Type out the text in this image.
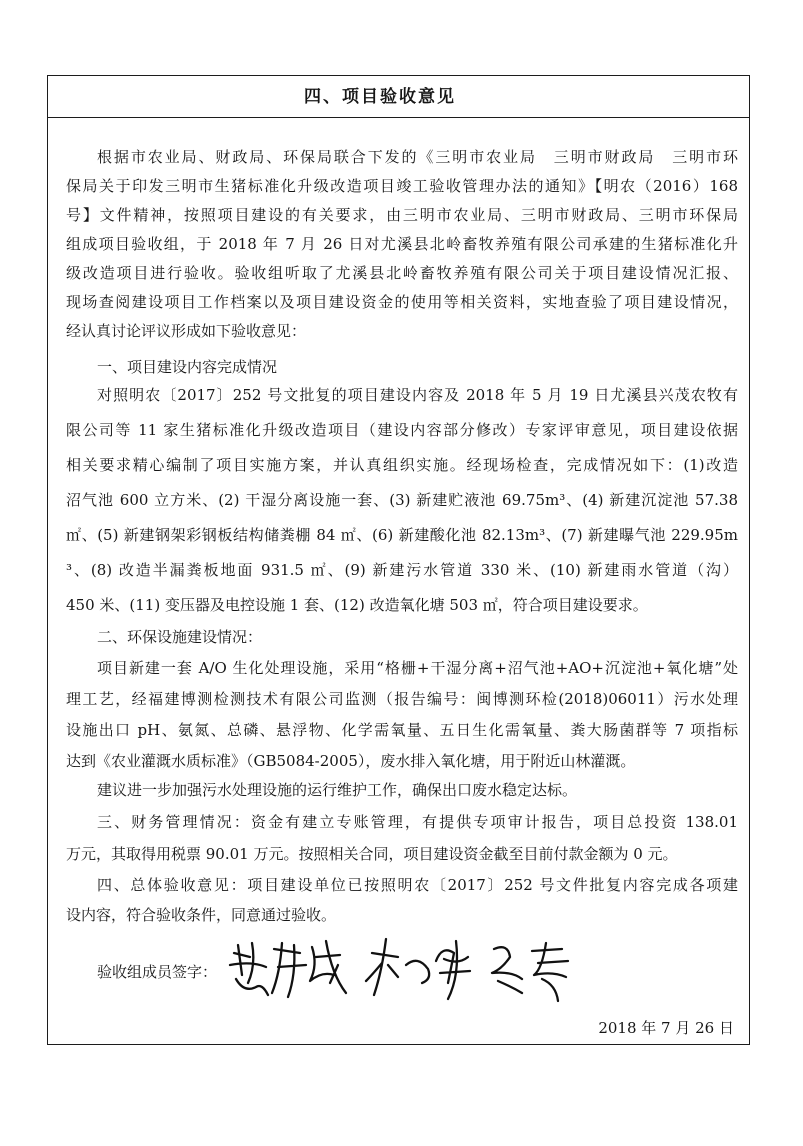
四、项目验收意见
根据市农业局、财政局、环保局联合下发的《三明市农业局　三明市财政局　三明市环
保局关于印发三明市生猪标准化升级改造项目竣工验收管理办法的通知》【明农（2016）168
号】文件精神，按照项目建设的有关要求，由三明市农业局、三明市财政局、三明市环保局
组成项目验收组，于 2018 年 7 月 26 日对尤溪县北岭畜牧养殖有限公司承建的生猪标准化升
级改造项目进行验收。验收组听取了尤溪县北岭畜牧养殖有限公司关于项目建设情况汇报、
现场查阅建设项目工作档案以及项目建设资金的使用等相关资料，实地查验了项目建设情况，
经认真讨论评议形成如下验收意见：
一、项目建设内容完成情况
对照明农〔2017〕252 号文批复的项目建设内容及 2018 年 5 月 19 日尤溪县兴茂农牧有
限公司等 11 家生猪标准化升级改造项目（建设内容部分修改）专家评审意见，项目建设依据
相关要求精心编制了项目实施方案，并认真组织实施。经现场检查，完成情况如下：(1)改造
沼气池 600 立方米、(2) 干湿分离设施一套、(3) 新建贮液池 69.75m³、(4) 新建沉淀池 57.38
㎡、(5) 新建钢架彩钢板结构储粪棚 84 ㎡、(6) 新建酸化池 82.13m³、(7) 新建曝气池 229.95m
³、(8) 改造半漏粪板地面 931.5 ㎡、(9) 新建污水管道 330 米、(10) 新建雨水管道（沟）
450 米、(11) 变压器及电控设施 1 套、(12) 改造氧化塘 503 ㎡，符合项目建设要求。
二、环保设施建设情况：
项目新建一套 A/O 生化处理设施，采用“格栅+干湿分离+沼气池+AO+沉淀池+氧化塘”处
理工艺，经福建博测检测技术有限公司监测（报告编号：闽博测环检(2018)06011）污水处理
设施出口 pH、氨氮、总磷、悬浮物、化学需氧量、五日生化需氧量、粪大肠菌群等 7 项指标
达到《农业灌溉水质标准》（GB5084-2005），废水排入氧化塘，用于附近山林灌溉。
建议进一步加强污水处理设施的运行维护工作，确保出口废水稳定达标。
三、财务管理情况：资金有建立专账管理，有提供专项审计报告，项目总投资 138.01
万元，其取得用税票 90.01 万元。按照相关合同，项目建设资金截至目前付款金额为 0 元。
四、总体验收意见：项目建设单位已按照明农〔2017〕252 号文件批复内容完成各项建
设内容，符合验收条件，同意通过验收。
验收组成员签字：
2018 年 7 月 26 日
